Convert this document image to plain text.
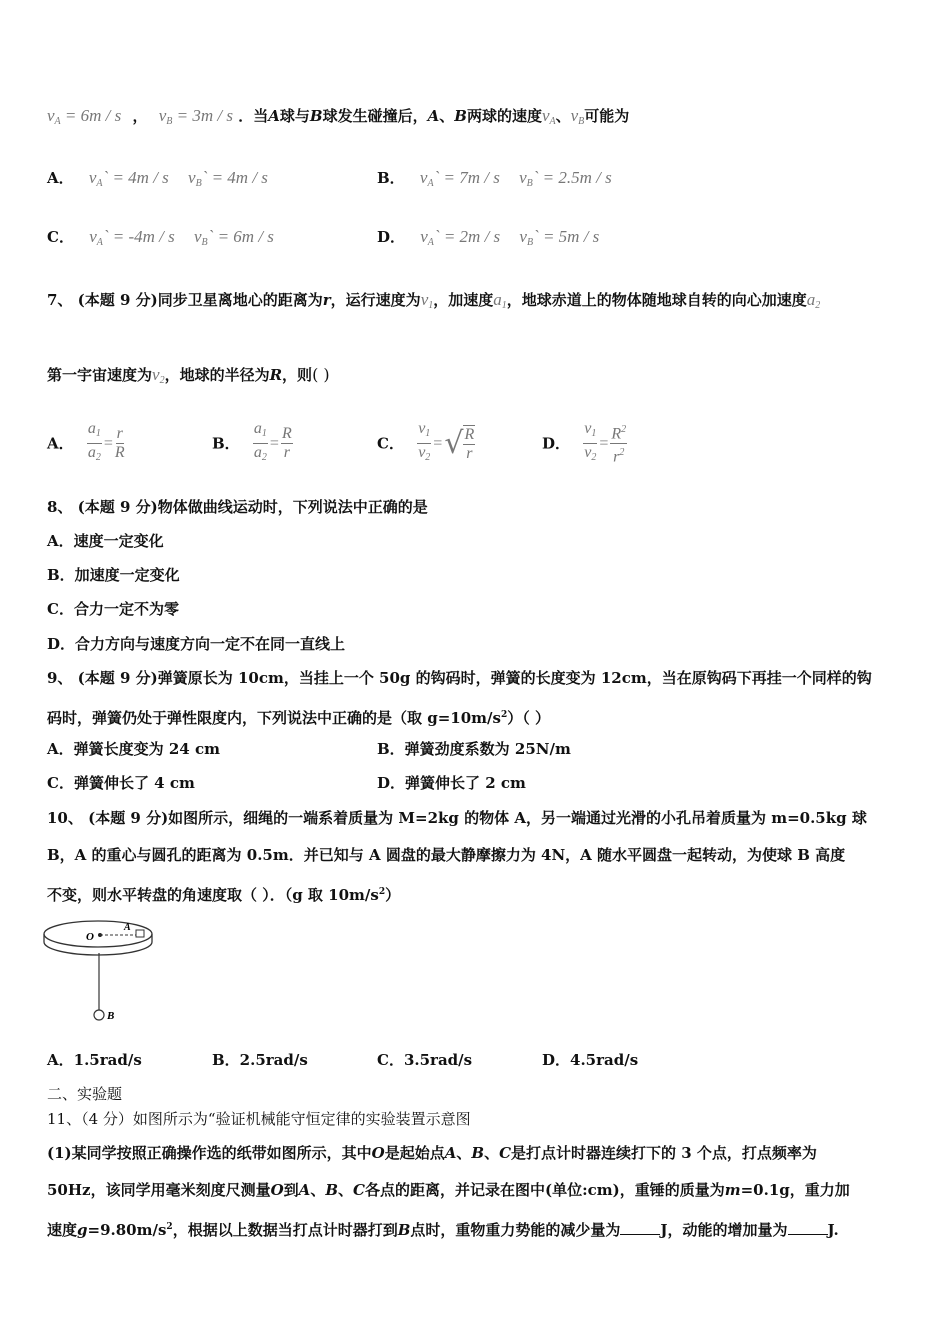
$v_A = 6m / s$ ， $v_B = 3m / s$ ．当A球与B球发生碰撞后，A、B两球的速度$v_A$、$v_B$可能为
A． $v_A` = 4m / s$ $v_B` = 4m / s$	B． $v_A` = 7m / s$ $v_B` = 2.5m / s$
C． $v_A` = -4m / s$ $v_B` = 6m / s$	D． $v_A` = 2m / s$ $v_B` = 5m / s$
7、 (本题 9 分)同步卫星离地心的距离为r，运行速度为$v_1$，加速度$a_1$，地球赤道上的物体随地球自转的向心加速度$a_2$
第一宇宙速度为$v_2$，地球的半径为R，则( )
A． $\frac{a_1}{a_2} = \frac{r}{R}$	B． $\frac{a_1}{a_2} = \frac{R}{r}$	C． $\frac{v_1}{v_2}$ = √ $\frac{R}{r}$	D． $\frac{v_1}{v_2} = \frac{R^2}{r^2}$
8、 (本题 9 分)物体做曲线运动时，下列说法中正确的是
A．速度一定变化
B．加速度一定变化
C．合力一定不为零
D．合力方向与速度方向一定不在同一直线上
9、 (本题 9 分)弹簧原长为 10cm，当挂上一个 50g 的钩码时，弹簧的长度变为 12cm，当在原钩码下再挂一个同样的钩
码时，弹簧仍处于弹性限度内，下列说法中正确的是（取 $g=10m/s^2$）（ ）
A．弹簧长度变为 24 cm	B．弹簧劲度系数为 25N/m
C．弹簧伸长了 4 cm	D．弹簧伸长了 2 cm
10、 (本题 9 分)如图所示，细绳的一端系着质量为 M=2kg 的物体 A，另一端通过光滑的小孔吊着质量为 m=0.5kg 球
B，A 的重心与圆孔的距离为 0.5m．并已知与 A 圆盘的最大静摩擦力为 4N，A 随水平圆盘一起转动，为使球 B 高度
不变，则水平转盘的角速度取（ ）．（g 取 $10m/s^2$）
O
A
B
A．1.5rad/s	B．2.5rad/s	C．3.5rad/s	D．4.5rad/s
二、实验题
11、（4 分）如图所示为“验证机械能守恒定律的实验装置示意图
(1)某同学按照正确操作选的纸带如图所示，其中O是起始点A、B、C是打点计时器连续打下的 3 个点，打点频率为
50Hz，该同学用毫米刻度尺测量O到A、B、C各点的距离，并记录在图中(单位:cm)，重锤的质量为m=0.1g，重力加
速度$g=9.80m/s^2$，根据以上数据当打点计时器打到B点时，重物重力势能的减少量为	J，动能的增加量为	J.
